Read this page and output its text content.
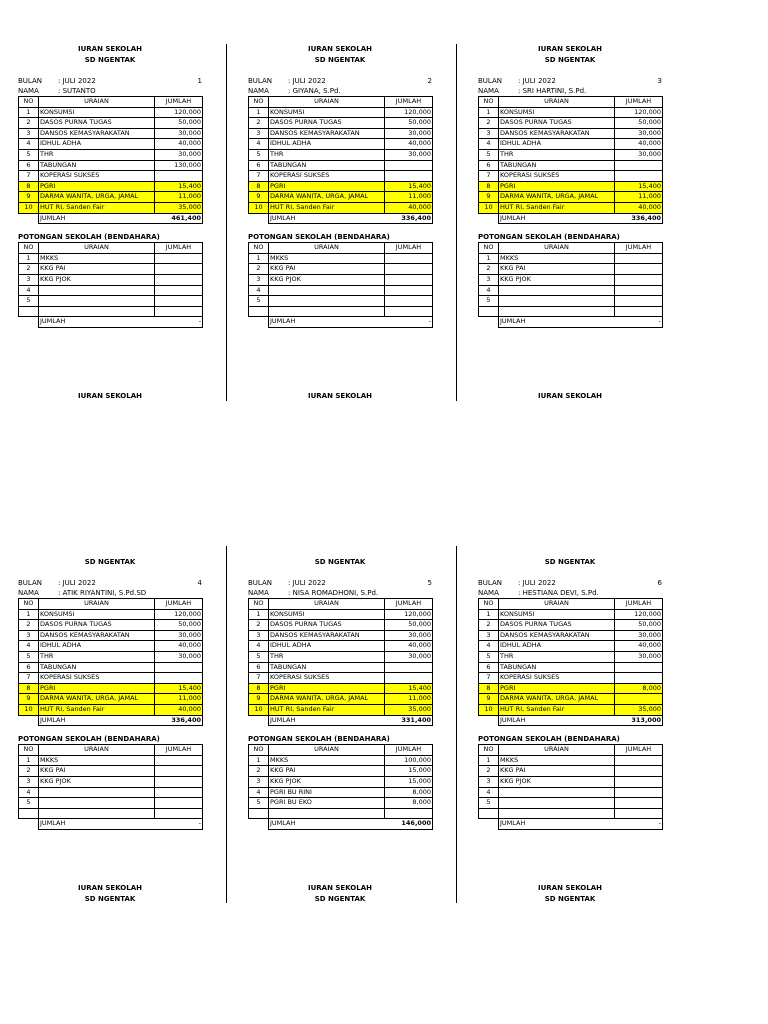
IURAN SEKOLAH
SD NGENTAK
BULAN : JULI 2022	1
NAMA	: SUTANTO
NO	URAIAN	JUMLAH
1	KONSUMSI	120,000
2	DASOS PURNA TUGAS	50,000
3	DANSOS KEMASYARAKATAN	30,000
4	IDHUL ADHA	40,000
5	THR	30,000
6	TABUNGAN	130,000
7	KOPERASI SUKSES	
8	PGRI	15,400
9	DARMA WANITA, URGA, JAMAL	11,000
10	HUT RI, Sanden Fair	35,000
	JUMLAH	461,400
POTONGAN SEKOLAH (BENDAHARA)
NO	URAIAN	JUMLAH
1	MKKS	
2	KKG PAI	
3	KKG PJOK	
4		
5		

	JUMLAH	-
IURAN SEKOLAH
IURAN SEKOLAH
SD NGENTAK
BULAN : JULI 2022	2
NAMA	: GIYANA, S.Pd.
NO	URAIAN	JUMLAH
1	KONSUMSI	120,000
2	DASOS PURNA TUGAS	50,000
3	DANSOS KEMASYARAKATAN	30,000
4	IDHUL ADHA	40,000
5	THR	30,000
6	TABUNGAN	
7	KOPERASI SUKSES	
8	PGRI	15,400
9	DARMA WANITA, URGA, JAMAL	11,000
10	HUT RI, Sanden Fair	40,000
	JUMLAH	336,400
POTONGAN SEKOLAH (BENDAHARA)
NO	URAIAN	JUMLAH
1	MKKS	
2	KKG PAI	
3	KKG PJOK	
4		
5		

	JUMLAH	-
IURAN SEKOLAH
IURAN SEKOLAH
SD NGENTAK
BULAN : JULI 2022	3
NAMA	: SRI HARTINI, S.Pd.
NO	URAIAN	JUMLAH
1	KONSUMSI	120,000
2	DASOS PURNA TUGAS	50,000
3	DANSOS KEMASYARAKATAN	30,000
4	IDHUL ADHA	40,000
5	THR	30,000
6	TABUNGAN	
7	KOPERASI SUKSES	
8	PGRI	15,400
9	DARMA WANITA, URGA, JAMAL	11,000
10	HUT RI, Sanden Fair	40,000
	JUMLAH	336,400
POTONGAN SEKOLAH (BENDAHARA)
NO	URAIAN	JUMLAH
1	MKKS	
2	KKG PAI	
3	KKG PJOK	
4		
5		

	JUMLAH	-
IURAN SEKOLAH
SD NGENTAK
BULAN : JULI 2022	4
NAMA	: ATIK RIYANTINI, S.Pd.SD
NO	URAIAN	JUMLAH
1	KONSUMSI	120,000
2	DASOS PURNA TUGAS	50,000
3	DANSOS KEMASYARAKATAN	30,000
4	IDHUL ADHA	40,000
5	THR	30,000
6	TABUNGAN	
7	KOPERASI SUKSES	
8	PGRI	15,400
9	DARMA WANITA, URGA, JAMAL	11,000
10	HUT RI, Sanden Fair	40,000
	JUMLAH	336,400
POTONGAN SEKOLAH (BENDAHARA)
NO	URAIAN	JUMLAH
1	MKKS	
2	KKG PAI	
3	KKG PJOK	
4		
5		

	JUMLAH	-
IURAN SEKOLAH
SD NGENTAK
SD NGENTAK
BULAN : JULI 2022	5
NAMA	: NISA ROMADHONI, S.Pd.
NO	URAIAN	JUMLAH
1	KONSUMSI	120,000
2	DASOS PURNA TUGAS	50,000
3	DANSOS KEMASYARAKATAN	30,000
4	IDHUL ADHA	40,000
5	THR	30,000
6	TABUNGAN	
7	KOPERASI SUKSES	
8	PGRI	15,400
9	DARMA WANITA, URGA, JAMAL	11,000
10	HUT RI, Sanden Fair	35,000
	JUMLAH	331,400
POTONGAN SEKOLAH (BENDAHARA)
NO	URAIAN	JUMLAH
1	MKKS	100,000
2	KKG PAI	15,000
3	KKG PJOK	15,000
4	PGRI BU RINI	8,000
5	PGRI BU EKO	8,000

	JUMLAH	146,000
IURAN SEKOLAH
SD NGENTAK
SD NGENTAK
BULAN : JULI 2022	6
NAMA	: HESTIANA DEVI, S.Pd.
NO	URAIAN	JUMLAH
1	KONSUMSI	120,000
2	DASOS PURNA TUGAS	50,000
3	DANSOS KEMASYARAKATAN	30,000
4	IDHUL ADHA	40,000
5	THR	30,000
6	TABUNGAN	
7	KOPERASI SUKSES	
8	PGRI	8,000
9	DARMA WANITA, URGA, JAMAL	
10	HUT RI, Sanden Fair	35,000
	JUMLAH	313,000
POTONGAN SEKOLAH (BENDAHARA)
NO	URAIAN	JUMLAH
1	MKKS	
2	KKG PAI	
3	KKG PJOK	
4		
5		

	JUMLAH	-
IURAN SEKOLAH
SD NGENTAK
